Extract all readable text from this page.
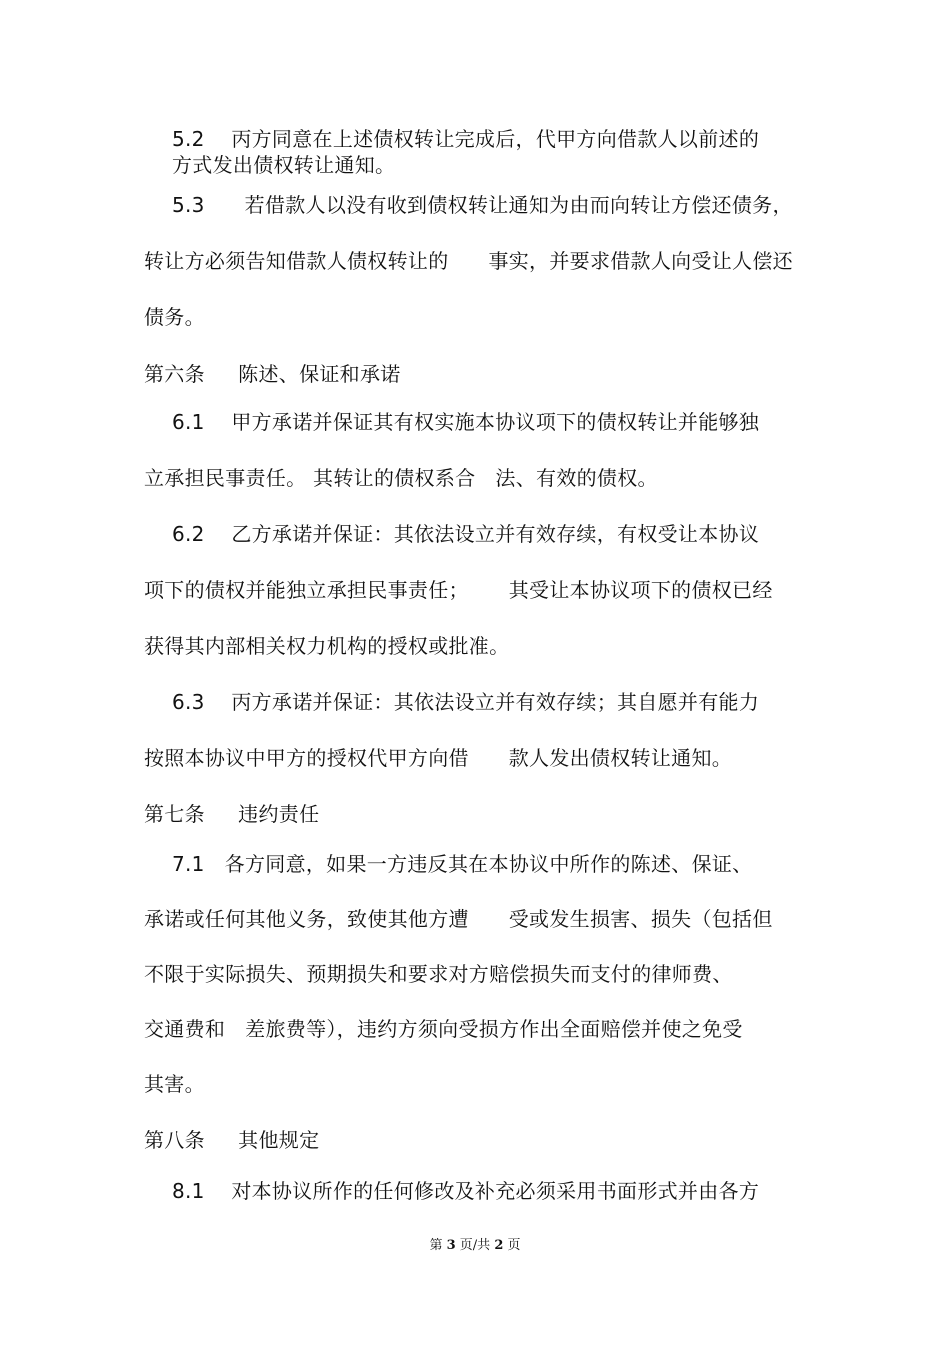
5.2    丙方同意在上述债权转让完成后，代甲方向借款人以前述的
方式发出债权转让通知。
5.3      若借款人以没有收到债权转让通知为由而向转让方偿还债务，
转让方必须告知借款人债权转让的      事实，并要求借款人向受让人偿还
债务。
第六条     陈述、保证和承诺
6.1    甲方承诺并保证其有权实施本协议项下的债权转让并能够独
立承担民事责任。 其转让的债权系合   法、有效的债权。
6.2    乙方承诺并保证：其依法设立并有效存续，有权受让本协议
项下的债权并能独立承担民事责任；      其受让本协议项下的债权已经
获得其内部相关权力机构的授权或批准。
6.3    丙方承诺并保证：其依法设立并有效存续；其自愿并有能力
按照本协议中甲方的授权代甲方向借      款人发出债权转让通知。
第七条     违约责任
7.1   各方同意，如果一方违反其在本协议中所作的陈述、保证、
承诺或任何其他义务，致使其他方遭      受或发生损害、损失（包括但
不限于实际损失、预期损失和要求对方赔偿损失而支付的律师费、
交通费和   差旅费等），违约方须向受损方作出全面赔偿并使之免受
其害。
第八条     其他规定
8.1    对本协议所作的任何修改及补充必须采用书面形式并由各方
第 3 页/共 2 页
